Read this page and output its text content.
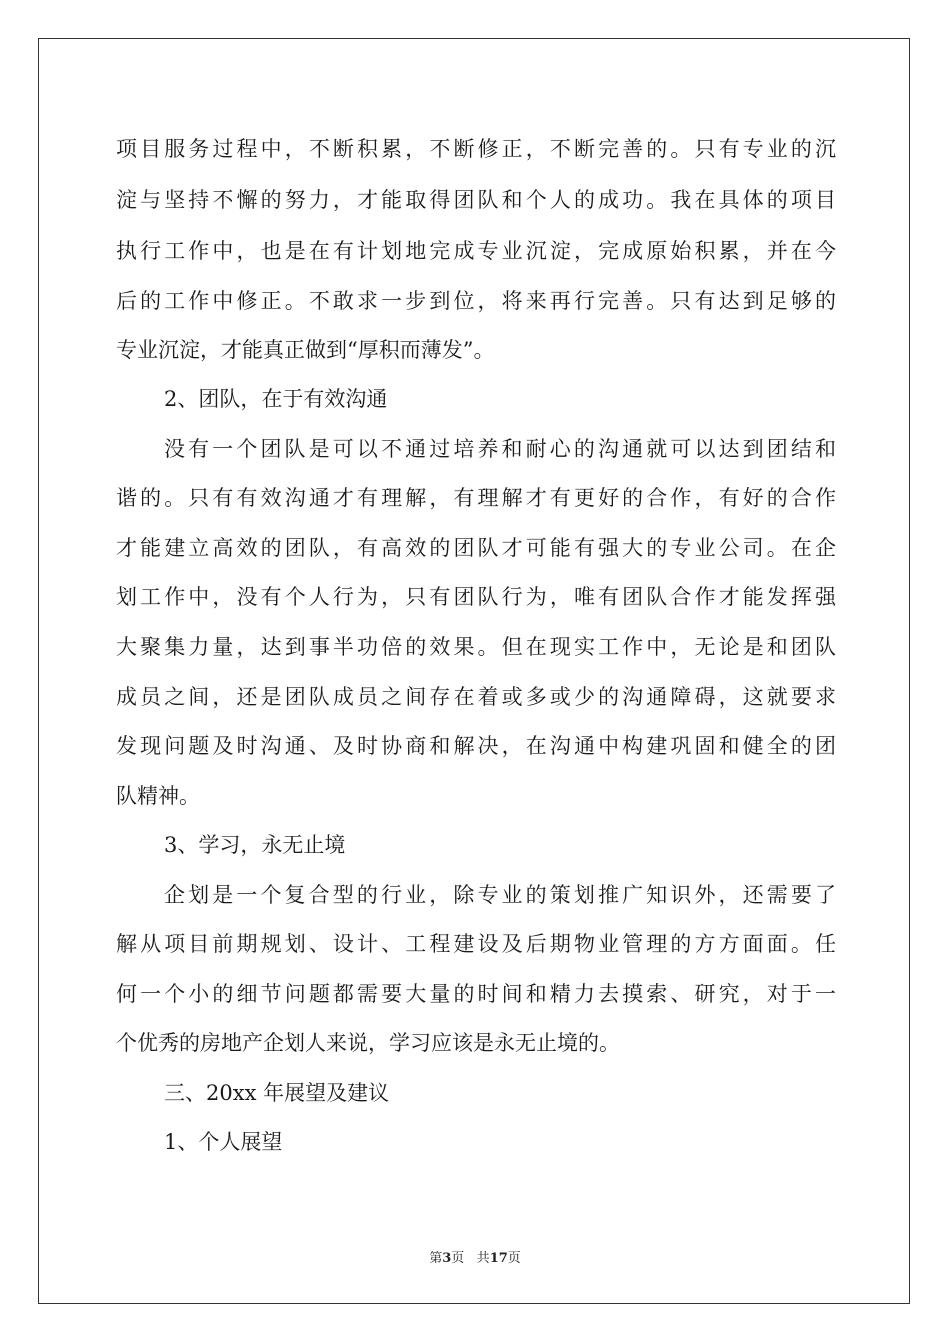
项目服务过程中，不断积累，不断修正，不断完善的。只有专业的沉

淀与坚持不懈的努力，才能取得团队和个人的成功。我在具体的项目

执行工作中，也是在有计划地完成专业沉淀，完成原始积累，并在今

后的工作中修正。不敢求一步到位，将来再行完善。只有达到足够的

专业沉淀，才能真正做到“厚积而薄发”。

2、团队，在于有效沟通

没有一个团队是可以不通过培养和耐心的沟通就可以达到团结和

谐的。只有有效沟通才有理解，有理解才有更好的合作，有好的合作

才能建立高效的团队，有高效的团队才可能有强大的专业公司。在企

划工作中，没有个人行为，只有团队行为，唯有团队合作才能发挥强

大聚集力量，达到事半功倍的效果。但在现实工作中，无论是和团队

成员之间，还是团队成员之间存在着或多或少的沟通障碍，这就要求

发现问题及时沟通、及时协商和解决，在沟通中构建巩固和健全的团

队精神。

3、学习，永无止境

企划是一个复合型的行业，除专业的策划推广知识外，还需要了

解从项目前期规划、设计、工程建设及后期物业管理的方方面面。任

何一个小的细节问题都需要大量的时间和精力去摸索、研究，对于一

个优秀的房地产企划人来说，学习应该是永无止境的。

三、20xx 年展望及建议

1、个人展望

第3页 共17页
